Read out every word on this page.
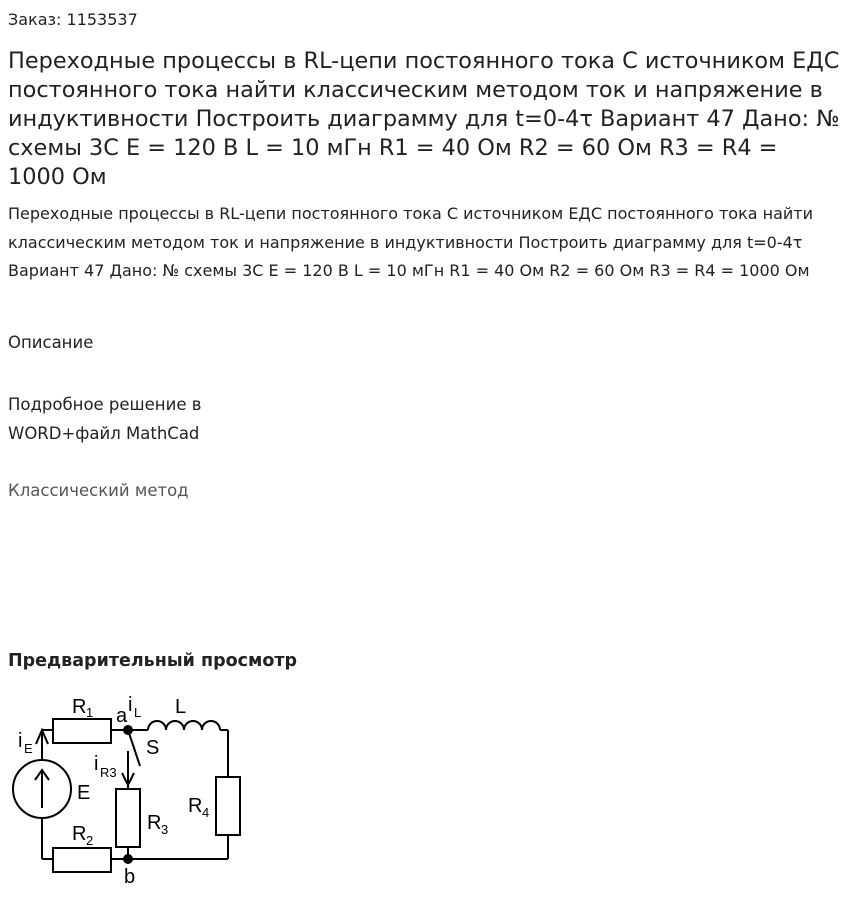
Заказ: 1153537
Переходные процессы в RL-цепи постоянного тока С источником ЕДС постоянного тока найти классическим методом ток и напряжение в индуктивности Построить диаграмму для t=0-4τ Вариант 47 Дано: № схемы 3С E = 120 В L = 10 мГн R1 = 40 Ом R2 = 60 Ом R3 = R4 = 1000 Ом
Переходные процессы в RL-цепи постоянного тока С источником ЕДС постоянного тока найти классическим методом ток и напряжение в индуктивности Построить диаграмму для t=0-4τ Вариант 47 Дано: № схемы 3С E = 120 В L = 10 мГн R1 = 40 Ом R2 = 60 Ом R3 = R4 = 1000 Ом
Описание
Подробное решение в WORD+файл MathCad
Классический метод
Предварительный просмотр
R 1 a i L L
S
i E
i R3
E
R 4
R 3
R 2
b
